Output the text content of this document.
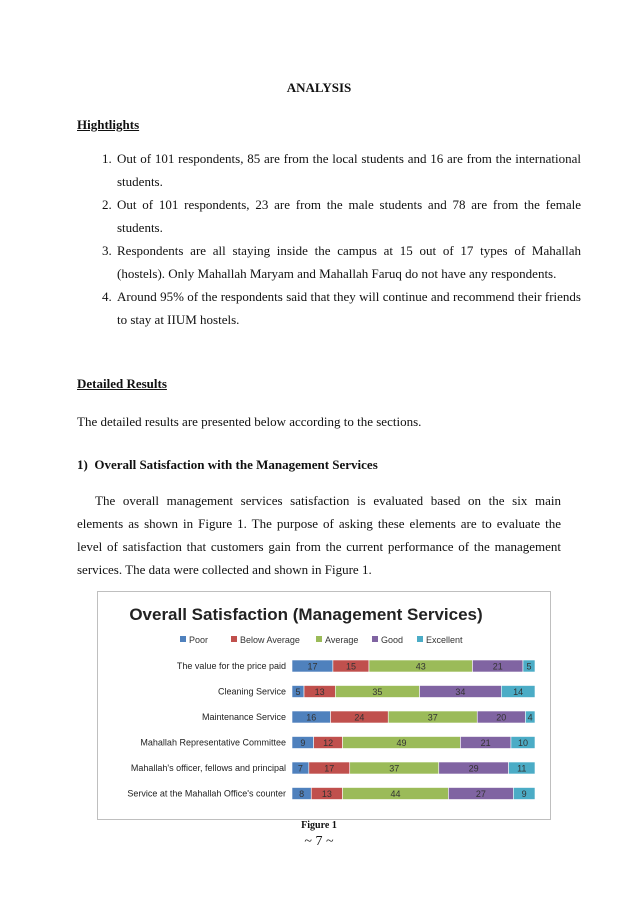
ANALYSIS
Hightlights
1. Out of 101 respondents, 85 are from the local students and 16 are from the international students.
2. Out of 101 respondents, 23 are from the male students and 78 are from the female students.
3. Respondents are all staying inside the campus at 15 out of 17 types of Mahallah (hostels). Only Mahallah Maryam and Mahallah Faruq do not have any respondents.
4. Around 95% of the respondents said that they will continue and recommend their friends to stay at IIUM hostels.
Detailed Results

The detailed results are presented below according to the sections.

1)  Overall Satisfaction with the Management Services

The overall management services satisfaction is evaluated based on the six main elements as shown in Figure 1. The purpose of asking these elements are to evaluate the level of satisfaction that customers gain from the current performance of the management services. The data were collected and shown in Figure 1.

Overall Satisfaction (Management Services)
Poor	Below Average	Average	Good	Excellent
The value for the price paid 17	15	43	21	5
Cleaning Service 5 13	35	34	14
Maintenance Service 16	24	37	20 4
Mahallah Representative Committee 9 12	49	21	10
Mahallah's officer, fellows and principal 7 17	37	29	11
Service at the Mahallah Office's counter 8 13	44	27	9
Figure 1
~ 7 ~
